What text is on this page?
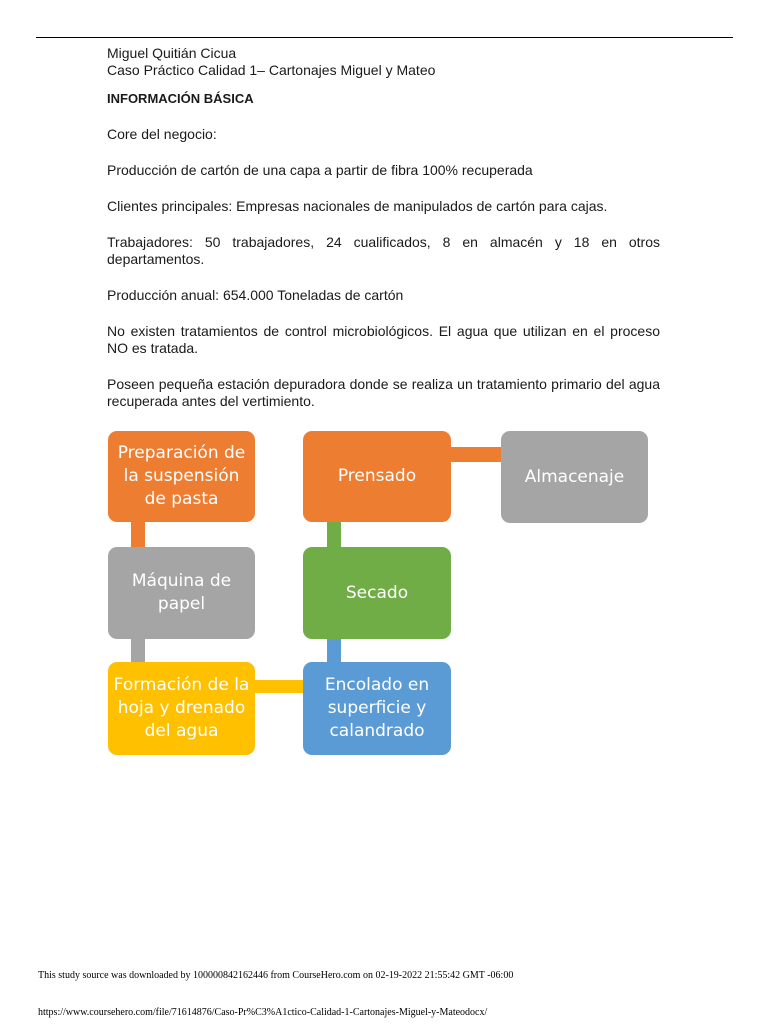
Miguel Quitián Cicua
Caso Práctico Calidad 1– Cartonajes Miguel y Mateo
INFORMACIÓN BÁSICA

Core del negocio:

Producción de cartón de una capa a partir de fibra 100% recuperada

Clientes principales: Empresas nacionales de manipulados de cartón para cajas.

Trabajadores: 50 trabajadores, 24 cualificados, 8 en almacén y 18 en otros departamentos.

Producción anual: 654.000 Toneladas de cartón

No existen tratamientos de control microbiológicos. El agua que utilizan en el proceso NO es tratada.

Poseen pequeña estación depuradora donde se realiza un tratamiento primario del agua recuperada antes del vertimiento.

Preparación de la suspensión de pasta
Máquina de papel
Formación de la hoja y drenado del agua
Encolado en superficie y calandrado
Secado
Prensado	Almacenaje
This study source was downloaded by 100000842162446 from CourseHero.com on 02-19-2022 21:55:42 GMT -06:00
https://www.coursehero.com/file/71614876/Caso-Pr%C3%A1ctico-Calidad-1-Cartonajes-Miguel-y-Mateodocx/
